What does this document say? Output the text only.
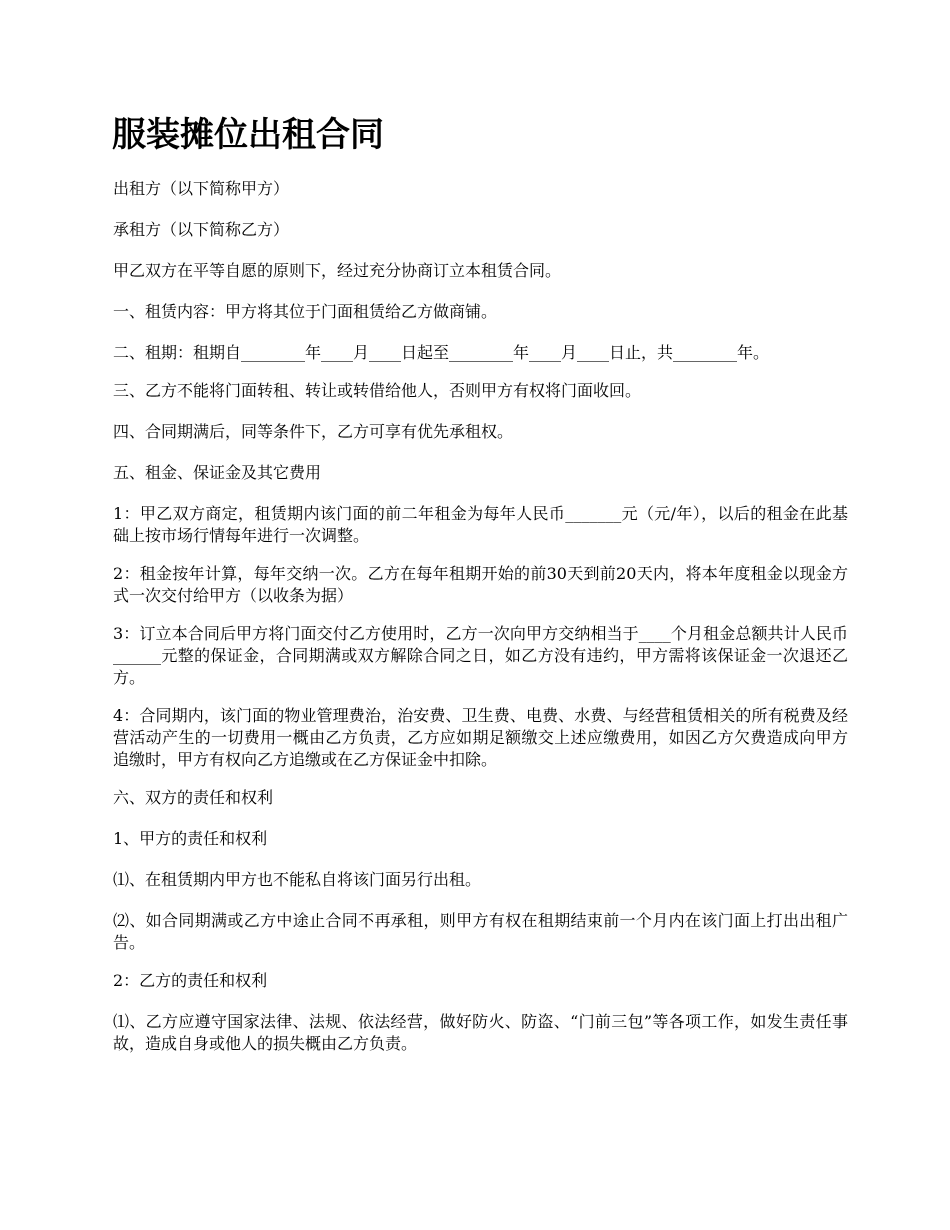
服装摊位出租合同

出租方（以下简称甲方）

承租方（以下简称乙方）

甲乙双方在平等自愿的原则下，经过充分协商订立本租赁合同。

一、租赁内容：甲方将其位于门面租赁给乙方做商铺。

二、租期：租期自________年____月____日起至________年____月____日止，共________年。

三、乙方不能将门面转租、转让或转借给他人，否则甲方有权将门面收回。

四、合同期满后，同等条件下，乙方可享有优先承租权。

五、租金、保证金及其它费用

1：甲乙双方商定，租赁期内该门面的前二年租金为每年人民币_______元（元/年），以后的租金在此基础上按市场行情每年进行一次调整。

2：租金按年计算，每年交纳一次。乙方在每年租期开始的前30天到前20天内，将本年度租金以现金方式一次交付给甲方（以收条为据）

3：订立本合同后甲方将门面交付乙方使用时，乙方一次向甲方交纳相当于____个月租金总额共计人民币______元整的保证金，合同期满或双方解除合同之日，如乙方没有违约，甲方需将该保证金一次退还乙方。

4：合同期内，该门面的物业管理费治，治安费、卫生费、电费、水费、与经营租赁相关的所有税费及经营活动产生的一切费用一概由乙方负责，乙方应如期足额缴交上述应缴费用，如因乙方欠费造成向甲方追缴时，甲方有权向乙方追缴或在乙方保证金中扣除。

六、双方的责任和权利

1、甲方的责任和权利

⑴、在租赁期内甲方也不能私自将该门面另行出租。

⑵、如合同期满或乙方中途止合同不再承租，则甲方有权在租期结束前一个月内在该门面上打出出租广告。

2：乙方的责任和权利

⑴、乙方应遵守国家法律、法规、依法经营，做好防火、防盗、“门前三包”等各项工作，如发生责任事故，造成自身或他人的损失概由乙方负责。
